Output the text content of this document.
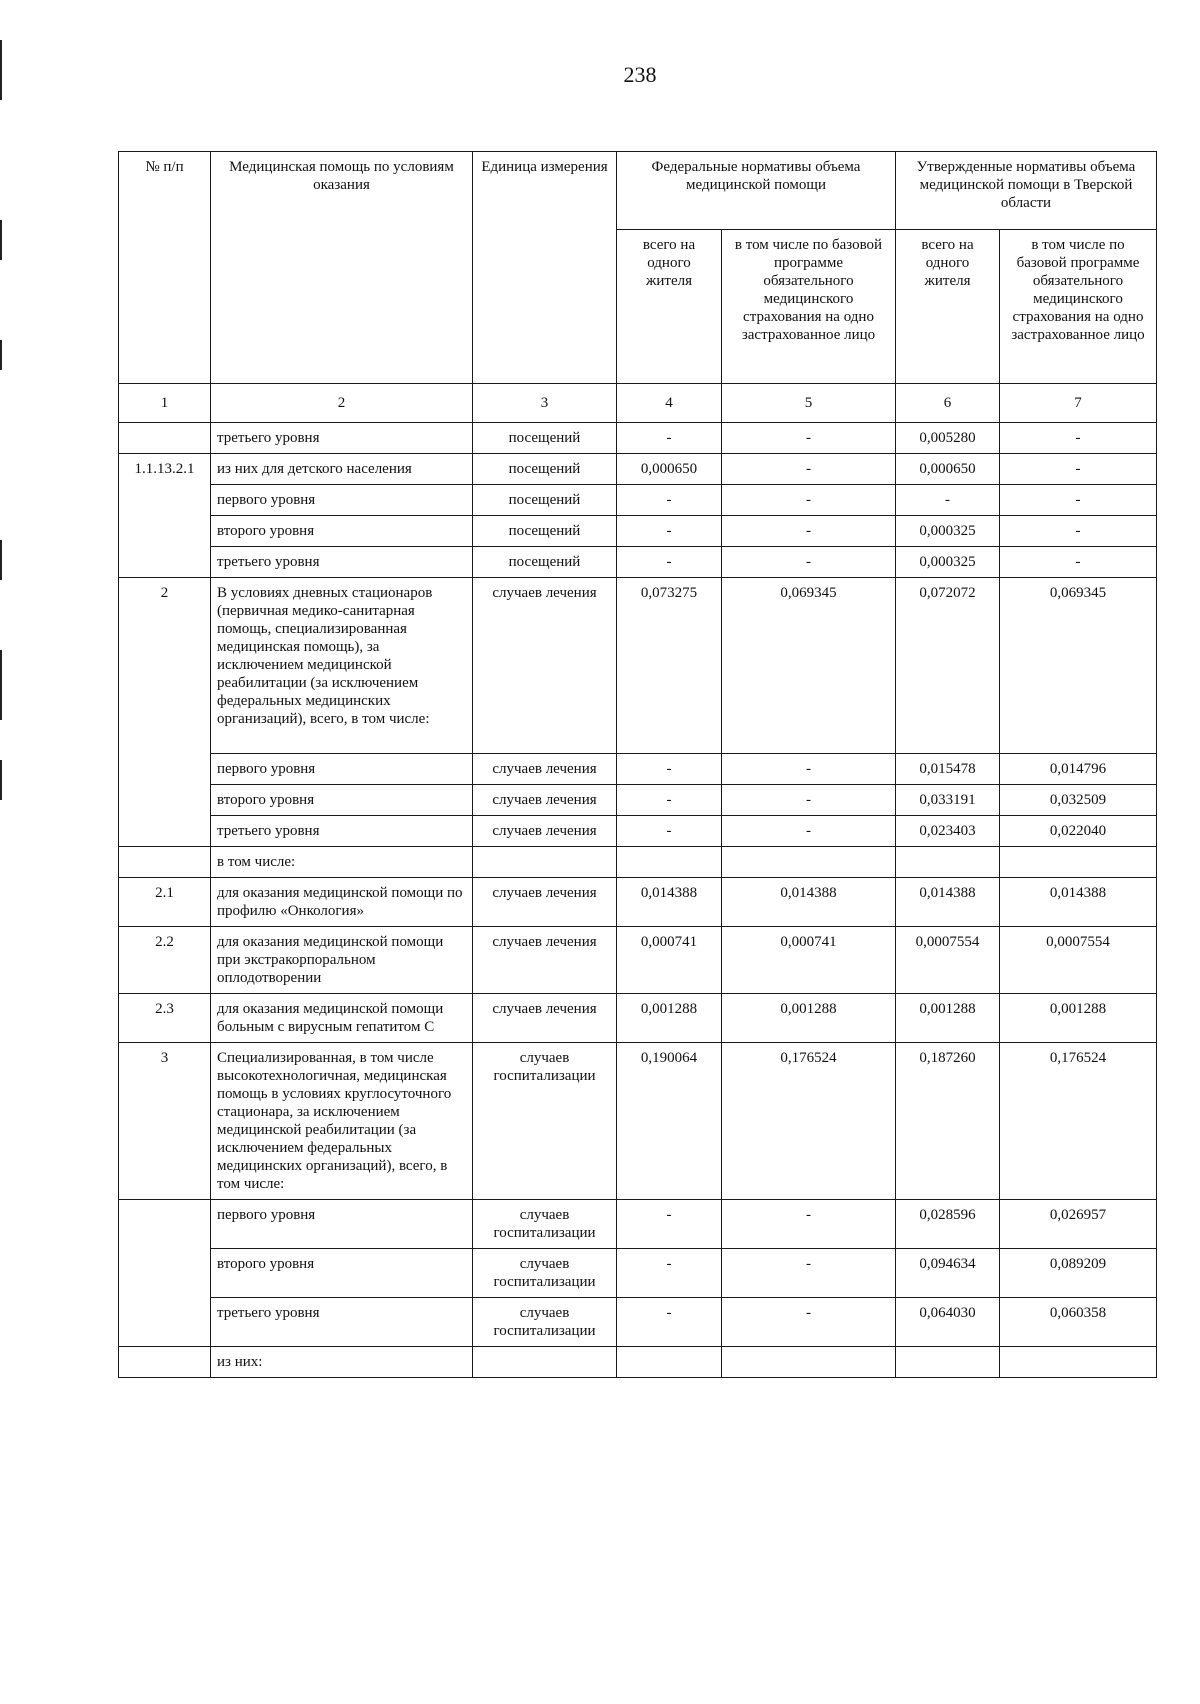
238
№ п/п	Медицинская помощь по условиям оказания	Единица измерения	Федеральные нормативы объема медицинской помощи		Утвержденные нормативы объема медицинской помощи в Тверской области	
			всего на одного жителя	в том числе по базовой программе обязательного медицинского страхования на одно застрахованное лицо	всего на одного жителя	в том числе по базовой программе обязательного медицинского страхования на одно застрахованное лицо
1	2	3	4	5	6	7
	третьего уровня	посещений	-	-	0,005280	-
1.1.13.2.1	из них для детского населения	посещений	0,000650	-	0,000650	-
	первого уровня	посещений	-	-	-	-
	второго уровня	посещений	-	-	0,000325	-
	третьего уровня	посещений	-	-	0,000325	-
2	В условиях дневных стационаров (первичная медико-санитарная помощь, специализированная медицинская помощь), за исключением медицинской реабилитации (за исключением федеральных медицинских организаций), всего, в том числе:	случаев лечения	0,073275	0,069345	0,072072	0,069345
	первого уровня	случаев лечения	-	-	0,015478	0,014796
	второго уровня	случаев лечения	-	-	0,033191	0,032509
	третьего уровня	случаев лечения	-	-	0,023403	0,022040
	в том числе:					
2.1	для оказания медицинской помощи по профилю «Онкология»	случаев лечения	0,014388	0,014388	0,014388	0,014388
2.2	для оказания медицинской помощи при экстракорпоральном оплодотворении	случаев лечения	0,000741	0,000741	0,0007554	0,0007554
2.3	для оказания медицинской помощи больным с вирусным гепатитом С	случаев лечения	0,001288	0,001288	0,001288	0,001288
3	Специализированная, в том числе высокотехнологичная, медицинская помощь в условиях круглосуточного стационара, за исключением медицинской реабилитации (за исключением федеральных медицинских организаций), всего, в том числе:	случаев госпитализации	0,190064	0,176524	0,187260	0,176524
	первого уровня	случаев госпитализации	-	-	0,028596	0,026957
	второго уровня	случаев госпитализации	-	-	0,094634	0,089209
	третьего уровня	случаев госпитализации	-	-	0,064030	0,060358
	из них:					
